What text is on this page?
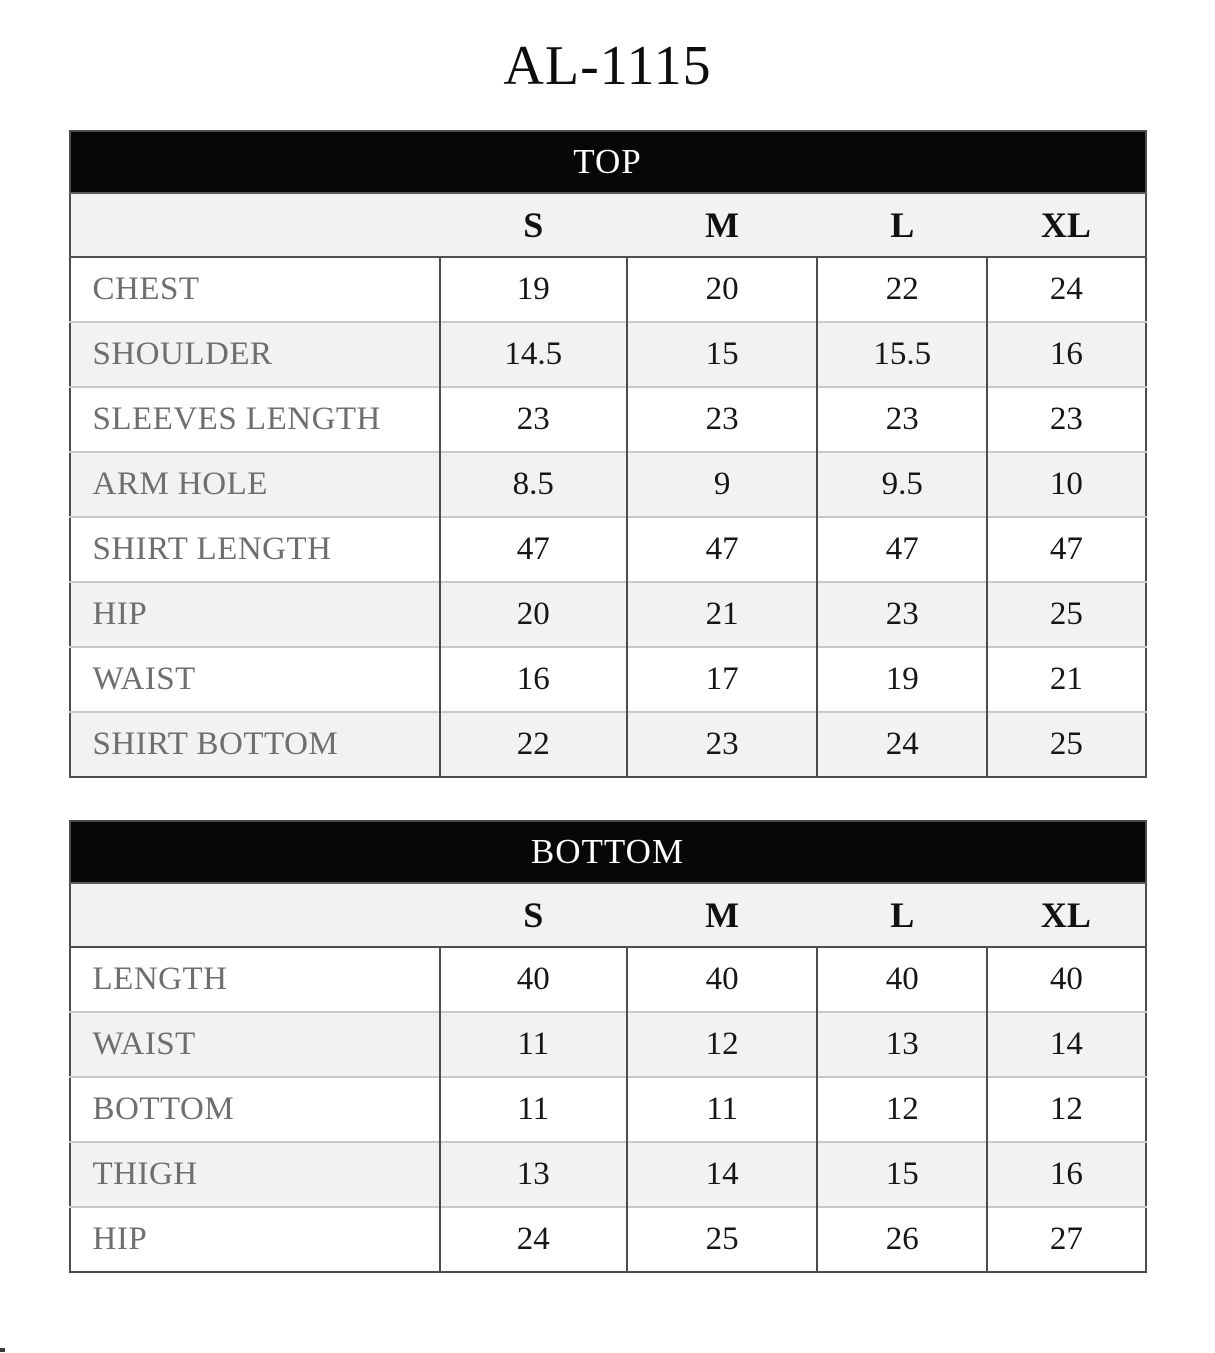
AL-1115
TOP				
	S	M	L	XL
CHEST	19	20	22	24
SHOULDER	14.5	15	15.5	16
SLEEVES LENGTH	23	23	23	23
ARM HOLE	8.5	9	9.5	10
SHIRT LENGTH	47	47	47	47
HIP	20	21	23	25
WAIST	16	17	19	21
SHIRT BOTTOM	22	23	24	25
BOTTOM				
	S	M	L	XL
LENGTH	40	40	40	40
WAIST	11	12	13	14
BOTTOM	11	11	12	12
THIGH	13	14	15	16
HIP	24	25	26	27
